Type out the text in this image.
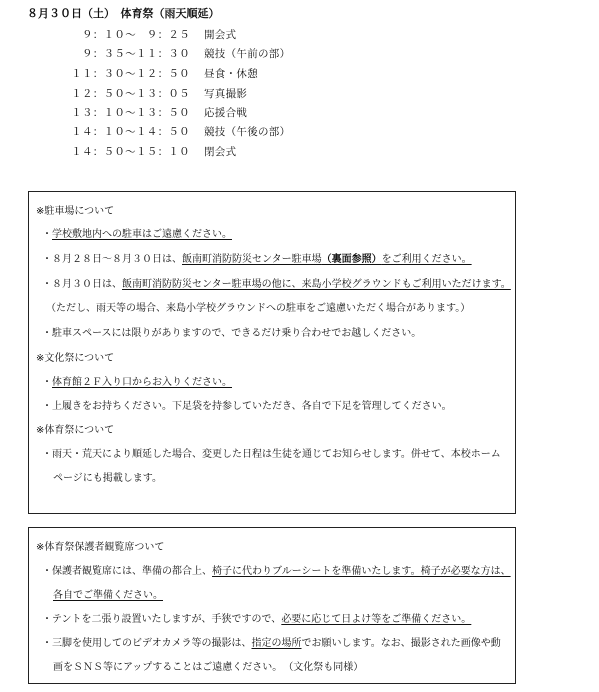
８月３０日（土）　体育祭（雨天順延）
９：１０～　９：２５ 開会式
９：３５～１１：３０ 競技（午前の部）
１１：３０～１２：５０ 昼食・休憩
１２：５０～１３：０５ 写真撮影
１３：１０～１３：５０ 応援合戦
１４：１０～１４：５０ 競技（午後の部）
１４：５０～１５：１０ 閉会式
※駐車場について
・学校敷地内への駐車はご遠慮ください。
・８月２８日～８月３０日は、飯南町消防防災センター駐車場（裏面参照）をご利用ください。
・８月３０日は、飯南町消防防災センター駐車場の他に、来島小学校グラウンドもご利用いただけます。
（ただし、雨天等の場合、来島小学校グラウンドへの駐車をご遠慮いただく場合があります。）
・駐車スペースには限りがありますので、できるだけ乗り合わせでお越しください。
※文化祭について
・体育館２Ｆ入り口からお入りください。
・上履きをお持ちください。下足袋を持参していただき、各自で下足を管理してください。
※体育祭について
・雨天・荒天により順延した場合、変更した日程は生徒を通じてお知らせします。併せて、本校ホーム
ページにも掲載します。
※体育祭保護者観覧席ついて
・保護者観覧席には、準備の都合上、椅子に代わりブルーシートを準備いたします。椅子が必要な方は、
各自でご準備ください。
・テントを二張り設置いたしますが、手狭ですので、必要に応じて日よけ等をご準備ください。
・三脚を使用してのビデオカメラ等の撮影は、指定の場所でお願いします。なお、撮影された画像や動
画をＳＮＳ等にアップすることはご遠慮ください。 （文化祭も同様）
